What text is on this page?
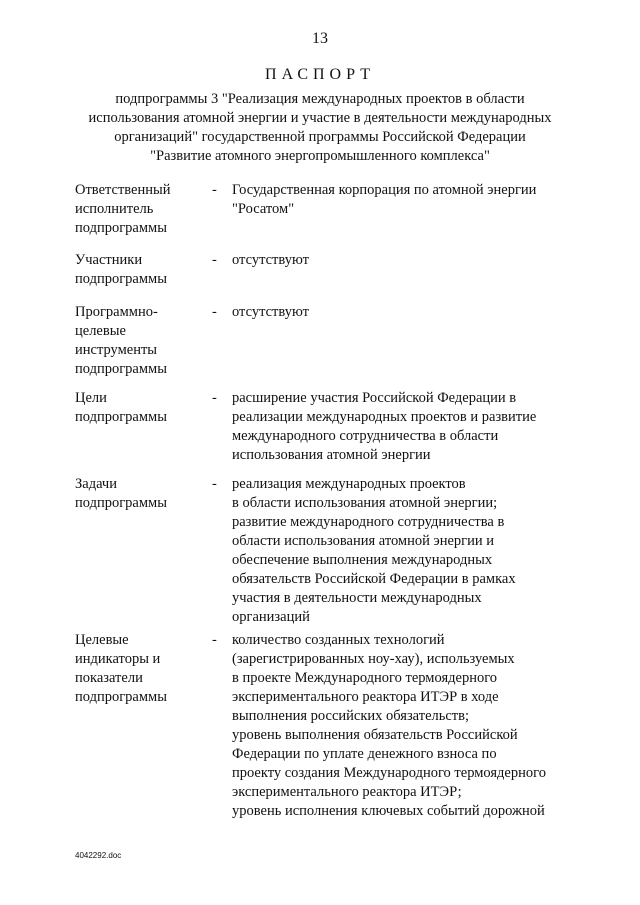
13
ПАСПОРТ
подпрограммы 3 "Реализация международных проектов в области
использования атомной энергии и участие в деятельности международных
организаций" государственной программы Российской Федерации
"Развитие атомного энергопромышленного комплекса"
Ответственный
исполнитель
подпрограммы
- Государственная корпорация по атомной энергии
"Росатом"
Участники
подпрограммы
- отсутствуют
Программно-
целевые
инструменты
подпрограммы
- отсутствуют
Цели
подпрограммы
- расширение участия Российской Федерации в
реализации международных проектов и развитие
международного сотрудничества в области
использования атомной энергии
Задачи
подпрограммы
- реализация международных проектов
в области использования атомной энергии;
развитие международного сотрудничества в
области использования атомной энергии и
обеспечение выполнения международных
обязательств Российской Федерации в рамках
участия в деятельности международных
организаций
Целевые
индикаторы и
показатели
подпрограммы
- количество созданных технологий
(зарегистрированных ноу-хау), используемых
в проекте Международного термоядерного
экспериментального реактора ИТЭР в ходе
выполнения российских обязательств;
уровень выполнения обязательств Российской
Федерации по уплате денежного взноса по
проекту создания Международного термоядерного
экспериментального реактора ИТЭР;
уровень исполнения ключевых событий дорожной
4042292.doc
